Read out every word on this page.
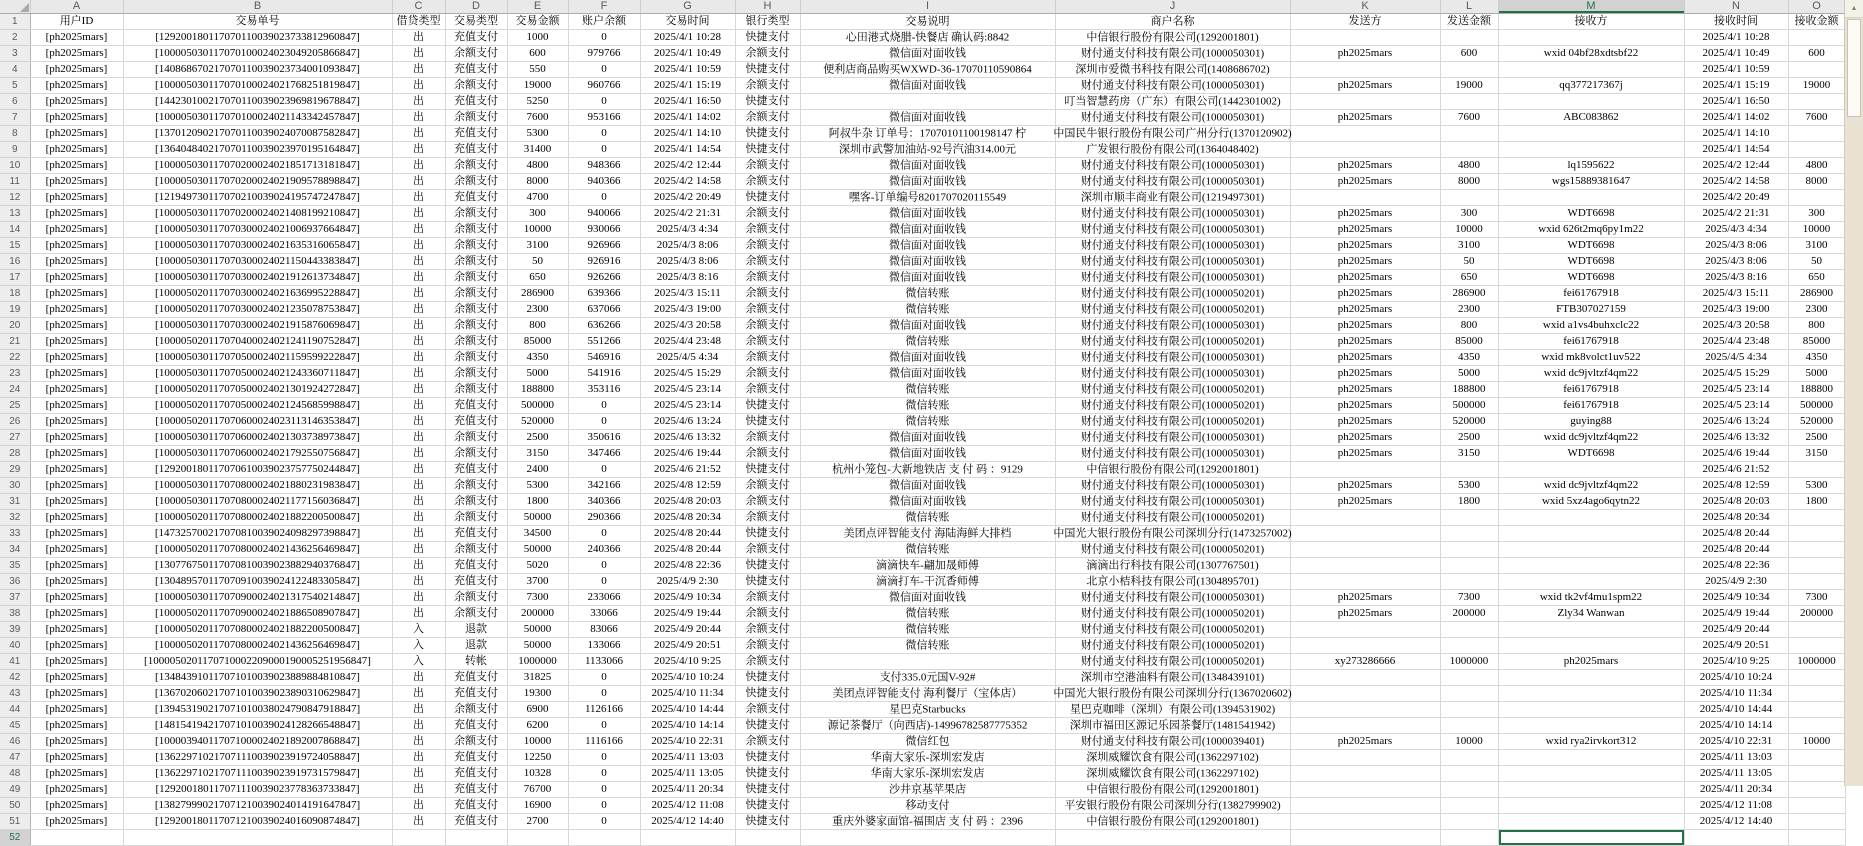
	A	B	C	D	E	F	G	H	I	J	K	L	M	N	O
1	用户ID	交易单号	借贷类型	交易类型	交易金额	账户余额	交易时间	银行类型	交易说明	商户名称	发送方	发送金额	接收方	接收时间	接收金额
2	[ph2025mars]	[129200180117070110039023733812960847]	出	充值支付	1000	0	2025/4/1 10:28	快捷支付	心田港式烧腊-快餐店 确认码:8842	中信银行股份有限公司(1292001801)				2025/4/1 10:28	
3	[ph2025mars]	[100005030117070100024023049205866847]	出	余额支付	600	979766	2025/4/1 10:49	余额支付	微信面对面收钱	财付通支付科技有限公司(1000050301)	ph2025mars	600	wxid 04bf28xdtsbf22	2025/4/1 10:49	600
4	[ph2025mars]	[140868670217070110039023734001093847]	出	充值支付	550	0	2025/4/1 10:59	快捷支付	便利店商品购买WXWD-36-17070110590864	深圳市爱微书科技有限公司(1408686702)				2025/4/1 10:59	
5	[ph2025mars]	[100005030117070100024021768251819847]	出	余额支付	19000	960766	2025/4/1 15:19	余额支付	微信面对面收钱	财付通支付科技有限公司(1000050301)	ph2025mars	19000	qq377217367j	2025/4/1 15:19	19000
6	[ph2025mars]	[144230100217070110039023969819678847]	出	充值支付	5250	0	2025/4/1 16:50	快捷支付		叮当智慧药房（广东）有限公司(1442301002)				2025/4/1 16:50	
7	[ph2025mars]	[100005030117070100024021143342457847]	出	余额支付	7600	953166	2025/4/1 14:02	余额支付	微信面对面收钱	财付通支付科技有限公司(1000050301)	ph2025mars	7600	ABC083862	2025/4/1 14:02	7600
8	[ph2025mars]	[137012090217070110039024070087582847]	出	充值支付	5300	0	2025/4/1 14:10	快捷支付	阿叔牛杂 订单号：17070101100198147 柠	中国民牛银行股份有限公司广州分行(1370120902)				2025/4/1 14:10	
9	[ph2025mars]	[136404840217070110039023970195164847]	出	充值支付	31400	0	2025/4/1 14:54	快捷支付	深圳市武警加油站-92号汽油314.00元	广发银行股份有限公司(1364048402)				2025/4/1 14:54	
10	[ph2025mars]	[100005030117070200024021851713181847]	出	余额支付	4800	948366	2025/4/2 12:44	余额支付	微信面对面收钱	财付通支付科技有限公司(1000050301)	ph2025mars	4800	lq1595622	2025/4/2 12:44	4800
11	[ph2025mars]	[100005030117070200024021909578898847]	出	余额支付	8000	940366	2025/4/2 14:58	余额支付	微信面对面收钱	财付通支付科技有限公司(1000050301)	ph2025mars	8000	wgs15889381647	2025/4/2 14:58	8000
12	[ph2025mars]	[121949730117070210039024195747247847]	出	充值支付	4700	0	2025/4/2 20:49	快捷支付	嘿客-订单编号8201707020115549	深圳市顺丰商业有限公司(1219497301)				2025/4/2 20:49	
13	[ph2025mars]	[100005030117070200024021408199210847]	出	余额支付	300	940066	2025/4/2 21:31	余额支付	微信面对面收钱	财付通支付科技有限公司(1000050301)	ph2025mars	300	WDT6698	2025/4/2 21:31	300
14	[ph2025mars]	[100005030117070300024021006937664847]	出	余额支付	10000	930066	2025/4/3 4:34	余额支付	微信面对面收钱	财付通支付科技有限公司(1000050301)	ph2025mars	10000	wxid 626t2mq6py1m22	2025/4/3 4:34	10000
15	[ph2025mars]	[100005030117070300024021635316065847]	出	余额支付	3100	926966	2025/4/3 8:06	余额支付	微信面对面收钱	财付通支付科技有限公司(1000050301)	ph2025mars	3100	WDT6698	2025/4/3 8:06	3100
16	[ph2025mars]	[100005030117070300024021150443383847]	出	余额支付	50	926916	2025/4/3 8:06	余额支付	微信面对面收钱	财付通支付科技有限公司(1000050301)	ph2025mars	50	WDT6698	2025/4/3 8:06	50
17	[ph2025mars]	[100005030117070300024021912613734847]	出	余额支付	650	926266	2025/4/3 8:16	余额支付	微信面对面收钱	财付通支付科技有限公司(1000050301)	ph2025mars	650	WDT6698	2025/4/3 8:16	650
18	[ph2025mars]	[100005020117070300024021636995228847]	出	余额支付	286900	639366	2025/4/3 15:11	余额支付	微信转账	财付通支付科技有限公司(1000050201)	ph2025mars	286900	fei61767918	2025/4/3 15:11	286900
19	[ph2025mars]	[100005020117070300024021235078753847]	出	余额支付	2300	637066	2025/4/3 19:00	余额支付	微信转账	财付通支付科技有限公司(1000050201)	ph2025mars	2300	FTB307027159	2025/4/3 19:00	2300
20	[ph2025mars]	[100005030117070300024021915876069847]	出	余额支付	800	636266	2025/4/3 20:58	余额支付	微信面对面收钱	财付通支付科技有限公司(1000050301)	ph2025mars	800	wxid a1vs4buhxclc22	2025/4/3 20:58	800
21	[ph2025mars]	[100005020117070400024021241190752847]	出	余额支付	85000	551266	2025/4/4 23:48	余额支付	微信转账	财付通支付科技有限公司(1000050201)	ph2025mars	85000	fei61767918	2025/4/4 23:48	85000
22	[ph2025mars]	[100005030117070500024021159599222847]	出	余额支付	4350	546916	2025/4/5 4:34	余额支付	微信面对面收钱	财付通支付科技有限公司(1000050301)	ph2025mars	4350	wxid mk8volct1uv522	2025/4/5 4:34	4350
23	[ph2025mars]	[100005030117070500024021243360711847]	出	余额支付	5000	541916	2025/4/5 15:29	余额支付	微信面对面收钱	财付通支付科技有限公司(1000050301)	ph2025mars	5000	wxid dc9jvltzf4qm22	2025/4/5 15:29	5000
24	[ph2025mars]	[100005020117070500024021301924272847]	出	余额支付	188800	353116	2025/4/5 23:14	余额支付	微信转账	财付通支付科技有限公司(1000050201)	ph2025mars	188800	fei61767918	2025/4/5 23:14	188800
25	[ph2025mars]	[100005020117070500024021245685998847]	出	充值支付	500000	0	2025/4/5 23:14	快捷支付	微信转账	财付通支付科技有限公司(1000050201)	ph2025mars	500000	fei61767918	2025/4/5 23:14	500000
26	[ph2025mars]	[100005020117070600024023113146353847]	出	充值支付	520000	0	2025/4/6 13:24	快捷支付	微信转账	财付通支付科技有限公司(1000050201)	ph2025mars	520000	guying88	2025/4/6 13:24	520000
27	[ph2025mars]	[100005030117070600024021303738973847]	出	余额支付	2500	350616	2025/4/6 13:32	余额支付	微信面对面收钱	财付通支付科技有限公司(1000050301)	ph2025mars	2500	wxid dc9jvltzf4qm22	2025/4/6 13:32	2500
28	[ph2025mars]	[100005030117070600024021792550756847]	出	余额支付	3150	347466	2025/4/6 19:44	余额支付	微信面对面收钱	财付通支付科技有限公司(1000050301)	ph2025mars	3150	WDT6698	2025/4/6 19:44	3150
29	[ph2025mars]	[129200180117070610039023757750244847]	出	充值支付	2400	0	2025/4/6 21:52	快捷支付	杭州小笼包-大新地铁店 支 付 码 ：9129	中信银行股份有限公司(1292001801)				2025/4/6 21:52	
30	[ph2025mars]	[100005030117070800024021880231983847]	出	余额支付	5300	342166	2025/4/8 12:59	余额支付	微信面对面收钱	财付通支付科技有限公司(1000050301)	ph2025mars	5300	wxid dc9jvltzf4qm22	2025/4/8 12:59	5300
31	[ph2025mars]	[100005030117070800024021177156036847]	出	余额支付	1800	340366	2025/4/8 20:03	余额支付	微信面对面收钱	财付通支付科技有限公司(1000050301)	ph2025mars	1800	wxid 5xz4ago6qytn22	2025/4/8 20:03	1800
32	[ph2025mars]	[100005020117070800024021882200500847]	出	余额支付	50000	290366	2025/4/8 20:34	余额支付	微信转账	财付通支付科技有限公司(1000050201)				2025/4/8 20:34	
33	[ph2025mars]	[147325700217070810039024098297398847]	出	充值支付	34500	0	2025/4/8 20:44	快捷支付	美团点评智能支付 海陆海鲜大排档	中国光大银行股份有限公司深圳分行(1473257002)				2025/4/8 20:44	
34	[ph2025mars]	[100005020117070800024021436256469847]	出	余额支付	50000	240366	2025/4/8 20:44	余额支付	微信转账	财付通支付科技有限公司(1000050201)				2025/4/8 20:44	
35	[ph2025mars]	[130776750117070810039023882940376847]	出	充值支付	5020	0	2025/4/8 22:36	快捷支付	滴滴快车-翩加晟师傅	滴滴出行科技有限公司(1307767501)				2025/4/8 22:36	
36	[ph2025mars]	[130489570117070910039024122483305847]	出	充值支付	3700	0	2025/4/9 2:30	快捷支付	滴滴打车-干沉香师傅	北京小桔科技有限公司(1304895701)				2025/4/9 2:30	
37	[ph2025mars]	[100005030117070900024021317540214847]	出	余额支付	7300	233066	2025/4/9 10:34	余额支付	微信面对面收钱	财付通支付科技有限公司(1000050301)	ph2025mars	7300	wxid tk2vf4mu1spm22	2025/4/9 10:34	7300
38	[ph2025mars]	[100005020117070900024021886508907847]	出	余额支付	200000	33066	2025/4/9 19:44	余额支付	微信转账	财付通支付科技有限公司(1000050201)	ph2025mars	200000	Zly34 Wanwan	2025/4/9 19:44	200000
39	[ph2025mars]	[100005020117070800024021882200500847]	入	退款	50000	83066	2025/4/9 20:44	余额支付	微信转账	财付通支付科技有限公司(1000050201)				2025/4/9 20:44	
40	[ph2025mars]	[100005020117070800024021436256469847]	入	退款	50000	133066	2025/4/9 20:51	余额支付	微信转账	财付通支付科技有限公司(1000050201)				2025/4/9 20:51	
41	[ph2025mars]	[1000050201170710002209000190005251956847]	入	转帐	1000000	1133066	2025/4/10 9:25	余额支付		财付通支付科技有限公司(1000050201)	xy273286666	1000000	ph2025mars	2025/4/10 9:25	1000000
42	[ph2025mars]	[134843910117071010039023889884810847]	出	充值支付	31825	0	2025/4/10 10:24	快捷支付	支付335.0元国V-92#	深圳市空港油料有限公司(1348439101)				2025/4/10 10:24	
43	[ph2025mars]	[136702060217071010039023890310629847]	出	充值支付	19300	0	2025/4/10 11:34	快捷支付	美团点评智能支付 海利餐厅（宝体店）	中国光大银行股份有限公司深圳分行(1367020602)				2025/4/10 11:34	
44	[ph2025mars]	[139453190217071010038024790847918847]	出	余额支付	6900	1126166	2025/4/10 14:44	余额支付	星巴克Starbucks	星巴克咖啡（深圳）有限公司(1394531902)				2025/4/10 14:44	
45	[ph2025mars]	[148154194217071010039024128266548847]	出	充值支付	6200	0	2025/4/10 14:14	快捷支付	源记茶餐厅（向西店)-14996782587775352	深圳市福田区源记乐园茶餐厅(1481541942)				2025/4/10 14:14	
46	[ph2025mars]	[100003940117071000024021892007868847]	出	余额支付	10000	1116166	2025/4/10 22:31	余额支付	微信红包	财付通支付科技有限公司(1000039401)	ph2025mars	10000	wxid rya2irvkort312	2025/4/10 22:31	10000
47	[ph2025mars]	[136229710217071110039023919724058847]	出	充值支付	12250	0	2025/4/11 13:03	快捷支付	华南大家乐-深圳宏发店	深圳威耀饮食有限公司(1362297102)				2025/4/11 13:03	
48	[ph2025mars]	[136229710217071110039023919731579847]	出	充值支付	10328	0	2025/4/11 13:05	快捷支付	华南大家乐-深圳宏发店	深圳威耀饮食有限公司(1362297102)				2025/4/11 13:05	
49	[ph2025mars]	[129200180117071110039023778363733847]	出	充值支付	76700	0	2025/4/11 20:34	快捷支付	沙井京基苹果店	中信银行股份有限公司(1292001801)				2025/4/11 20:34	
50	[ph2025mars]	[138279990217071210039024014191647847]	出	充值支付	16900	0	2025/4/12 11:08	快捷支付	移动支付	平安银行股份有限公司深圳分行(1382799902)				2025/4/12 11:08	
51	[ph2025mars]	[129200180117071210039024016090874847]	出	充值支付	2700	0	2025/4/12 14:40	快捷支付	重庆外婆家面馆-福围店 支 付 码 ：2396	中信银行股份有限公司(1292001801)				2025/4/12 14:40	
52									

▲
